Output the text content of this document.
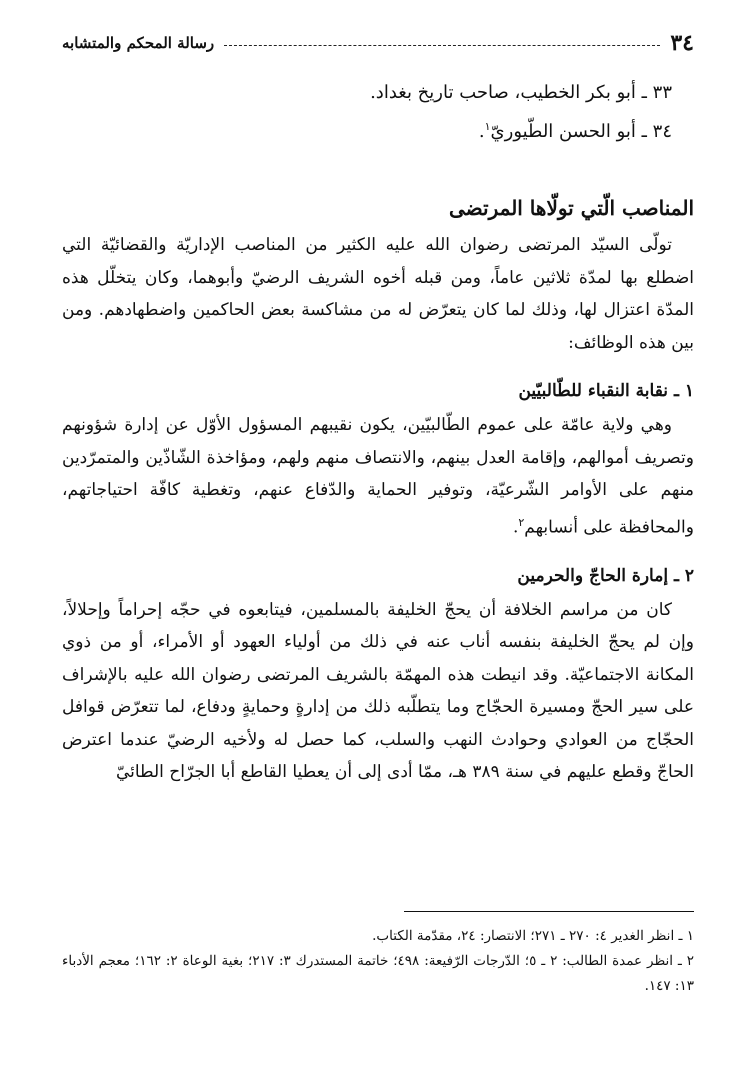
٣٤
رسالة المحكم والمتشابه
٣٣ ـ أبو بكر الخطيب، صاحب تاريخ بغداد.
٣٤ ـ أبو الحسن الطّيوريّ$^١$.
المناصب الّتي تولّاها المرتضى

تولّى السيّد المرتضى رضوان الله عليه الكثير من المناصب الإداريّة والقضائيّة التي اضطلع بها لمدّة ثلاثين عاماً، ومن قبله أخوه الشريف الرضيّ وأبوهما، وكان يتخلّل هذه المدّة اعتزال لها، وذلك لما كان يتعرّض له من مشاكسة بعض الحاكمين واضطهادهم. ومن بين هذه الوظائف:

١ ـ نقابة النقباء للطّالبيّين

وهي ولاية عامّة على عموم الطّالبيّين، يكون نقيبهم المسؤول الأوّل عن إدارة شؤونهم وتصريف أموالهم، وإقامة العدل بينهم، والانتصاف منهم ولهم، ومؤاخذة الشّاذّين والمتمرّدين منهم على الأوامر الشّرعيّة، وتوفير الحماية والدّفاع عنهم، وتغطية كافّة احتياجاتهم، والمحافظة على أنسابهم$^٢$.

٢ ـ إمارة الحاجّ والحرمين

كان من مراسم الخلافة أن يحجّ الخليفة بالمسلمين، فيتابعوه في حجّه إحراماً وإحلالاً، وإن لم يحجّ الخليفة بنفسه أناب عنه في ذلك من أولياء العهود أو الأمراء، أو من ذوي المكانة الاجتماعيّة. وقد انيطت هذه المهمّة بالشريف المرتضى رضوان الله عليه بالإشراف على سير الحجّ ومسيرة الحجّاج وما يتطلّبه ذلك من إدارةٍ وحمايةٍ ودفاع، لما تتعرّض قوافل الحجّاج من العوادي وحوادث النهب والسلب، كما حصل له ولأخيه الرضيّ عندما اعترض الحاجّ وقطع عليهم في سنة ٣٨٩ هـ، ممّا أدى إلى أن يعطيا القاطع أبا الجرّاح الطائيّ

١ ـ انظر الغدير ٤: ٢٧٠ ـ ٢٧١؛ الانتصار: ٢٤، مقدّمة الكتاب.
٢ ـ انظر عمدة الطالب: ٢ ـ ٥؛ الدّرجات الرّفيعة: ٤٩٨؛ خاتمة المستدرك ٣: ٢١٧؛ بغية الوعاة ٢: ١٦٢؛ معجم الأدباء ١٣: ١٤٧.
